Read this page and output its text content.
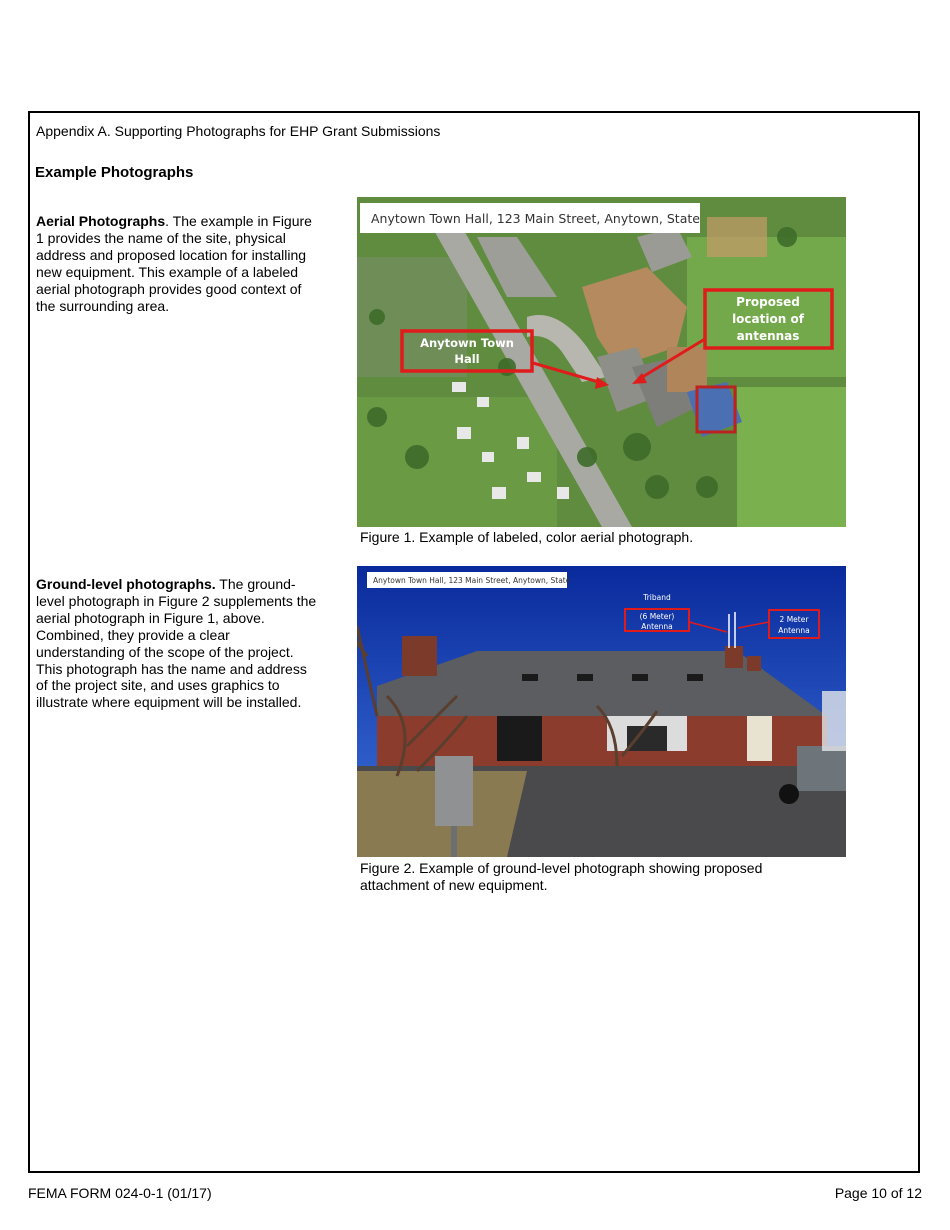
Appendix A. Supporting Photographs for EHP Grant Submissions
Example Photographs
Aerial Photographs. The example in Figure 1 provides the name of the site, physical address and proposed location for installing new equipment. This example of a labeled aerial photograph provides good context of the surrounding area.
Anytown Town Hall, 123 Main Street, Anytown, State
Anytown Town Hall
Proposed location of antennas
Figure 1. Example of labeled, color aerial photograph.
Ground-level photographs. The ground-level photograph in Figure 2 supplements the aerial photograph in Figure 1, above. Combined, they provide a clear understanding of the scope of the project. This photograph has the name and address of the project site, and uses graphics to illustrate where equipment will be installed.
Anytown Town Hall, 123 Main Street, Anytown, State
Triband
(6 Meter)
Antenna
2 Meter
Antenna
Figure 2. Example of ground-level photograph showing proposed attachment of new equipment.
FEMA FORM 024-0-1 (01/17)	Page 10 of 12
